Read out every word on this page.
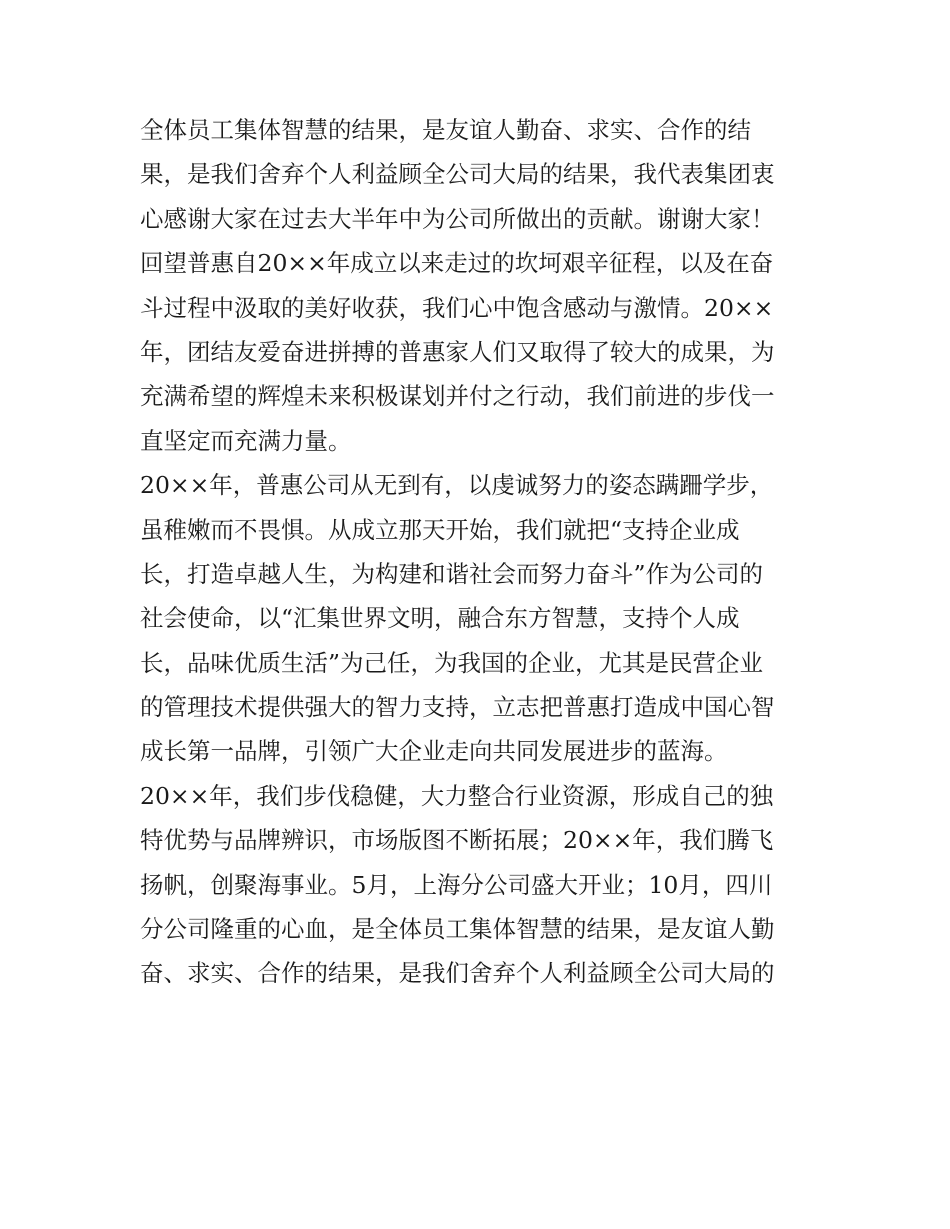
全体员工集体智慧的结果，是友谊人勤奋、求实、合作的结
果，是我们舍弃个人利益顾全公司大局的结果，我代表集团衷
心感谢大家在过去大半年中为公司所做出的贡献。谢谢大家！
回望普惠自20××年成立以来走过的坎坷艰辛征程，以及在奋
斗过程中汲取的美好收获，我们心中饱含感动与激情。20××
年，团结友爱奋进拼搏的普惠家人们又取得了较大的成果，为
充满希望的辉煌未来积极谋划并付之行动，我们前进的步伐一
直坚定而充满力量。
20××年，普惠公司从无到有，以虔诚努力的姿态蹒跚学步，
虽稚嫩而不畏惧。从成立那天开始，我们就把“支持企业成
长，打造卓越人生，为构建和谐社会而努力奋斗”作为公司的
社会使命，以“汇集世界文明，融合东方智慧，支持个人成
长，品味优质生活”为己任，为我国的企业，尤其是民营企业
的管理技术提供强大的智力支持，立志把普惠打造成中国心智
成长第一品牌，引领广大企业走向共同发展进步的蓝海。
20××年，我们步伐稳健，大力整合行业资源，形成自己的独
特优势与品牌辨识，市场版图不断拓展；20××年，我们腾飞
扬帆，创聚海事业。5月，上海分公司盛大开业；10月，四川
分公司隆重的心血，是全体员工集体智慧的结果，是友谊人勤
奋、求实、合作的结果，是我们舍弃个人利益顾全公司大局的
